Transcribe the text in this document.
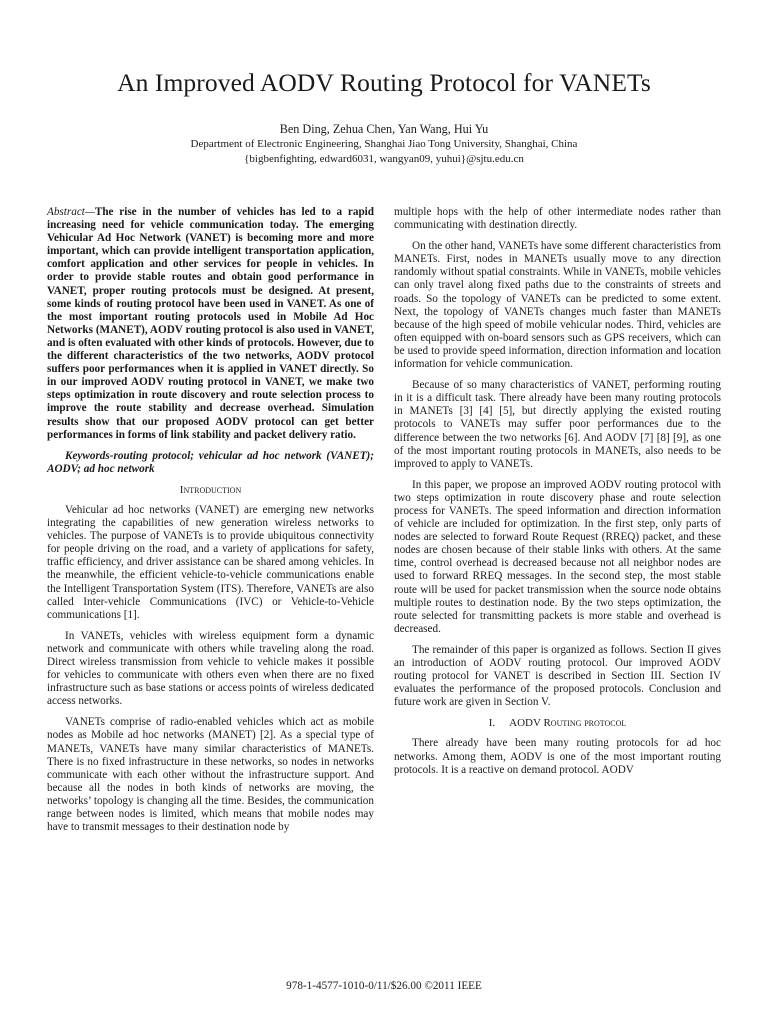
An Improved AODV Routing Protocol for VANETs
Ben Ding, Zehua Chen, Yan Wang, Hui Yu
Department of Electronic Engineering, Shanghai Jiao Tong University, Shanghai, China
{bigbenfighting, edward6031, wangyan09, yuhui}@sjtu.edu.cn

Abstract—The rise in the number of vehicles has led to a rapid increasing need for vehicle communication today. The emerging Vehicular Ad Hoc Network (VANET) is becoming more and more important, which can provide intelligent transportation application, comfort application and other services for people in vehicles. In order to provide stable routes and obtain good performance in VANET, proper routing protocols must be designed. At present, some kinds of routing protocol have been used in VANET. As one of the most important routing protocols used in Mobile Ad Hoc Networks (MANET), AODV routing protocol is also used in VANET, and is often evaluated with other kinds of protocols. However, due to the different characteristics of the two networks, AODV protocol suffers poor performances when it is applied in VANET directly. So in our improved AODV routing protocol in VANET, we make two steps optimization in route discovery and route selection process to improve the route stability and decrease overhead. Simulation results show that our proposed AODV protocol can get better performances in forms of link stability and packet delivery ratio.

Keywords-routing protocol; vehicular ad hoc network (VANET); AODV; ad hoc network

Introduction

Vehicular ad hoc networks (VANET) are emerging new networks integrating the capabilities of new generation wireless networks to vehicles. The purpose of VANETs is to provide ubiquitous connectivity for people driving on the road, and a variety of applications for safety, traffic efficiency, and driver assistance can be shared among vehicles. In the meanwhile, the efficient vehicle-to-vehicle communications enable the Intelligent Transportation System (ITS). Therefore, VANETs are also called Inter-vehicle Communications (IVC) or Vehicle-to-Vehicle communications [1].

In VANETs, vehicles with wireless equipment form a dynamic network and communicate with others while traveling along the road. Direct wireless transmission from vehicle to vehicle makes it possible for vehicles to communicate with others even when there are no fixed infrastructure such as base stations or access points of wireless dedicated access networks.

VANETs comprise of radio-enabled vehicles which act as mobile nodes as Mobile ad hoc networks (MANET) [2]. As a special type of MANETs, VANETs have many similar characteristics of MANETs. There is no fixed infrastructure in these networks, so nodes in networks communicate with each other without the infrastructure support. And because all the nodes in both kinds of networks are moving, the networks’ topology is changing all the time. Besides, the communication range between nodes is limited, which means that mobile nodes may have to transmit messages to their destination node by

multiple hops with the help of other intermediate nodes rather than communicating with destination directly.

On the other hand, VANETs have some different characteristics from MANETs. First, nodes in MANETs usually move to any direction randomly without spatial constraints. While in VANETs, mobile vehicles can only travel along fixed paths due to the constraints of streets and roads. So the topology of VANETs can be predicted to some extent. Next, the topology of VANETs changes much faster than MANETs because of the high speed of mobile vehicular nodes. Third, vehicles are often equipped with on-board sensors such as GPS receivers, which can be used to provide speed information, direction information and location information for vehicle communication.

Because of so many characteristics of VANET, performing routing in it is a difficult task. There already have been many routing protocols in MANETs [3] [4] [5], but directly applying the existed routing protocols to VANETs may suffer poor performances due to the difference between the two networks [6]. And AODV [7] [8] [9], as one of the most important routing protocols in MANETs, also needs to be improved to apply to VANETs.

In this paper, we propose an improved AODV routing protocol with two steps optimization in route discovery phase and route selection process for VANETs. The speed information and direction information of vehicle are included for optimization. In the first step, only parts of nodes are selected to forward Route Request (RREQ) packet, and these nodes are chosen because of their stable links with others. At the same time, control overhead is decreased because not all neighbor nodes are used to forward RREQ messages. In the second step, the most stable route will be used for packet transmission when the source node obtains multiple routes to destination node. By the two steps optimization, the route selected for transmitting packets is more stable and overhead is decreased.

The remainder of this paper is organized as follows. Section II gives an introduction of AODV routing protocol. Our improved AODV routing protocol for VANET is described in Section III. Section IV evaluates the performance of the proposed protocols. Conclusion and future work are given in Section V.

I. AODV Routing protocol

There already have been many routing protocols for ad hoc networks. Among them, AODV is one of the most important routing protocols. It is a reactive on demand protocol. AODV

978-1-4577-1010-0/11/$26.00 ©2011 IEEE
